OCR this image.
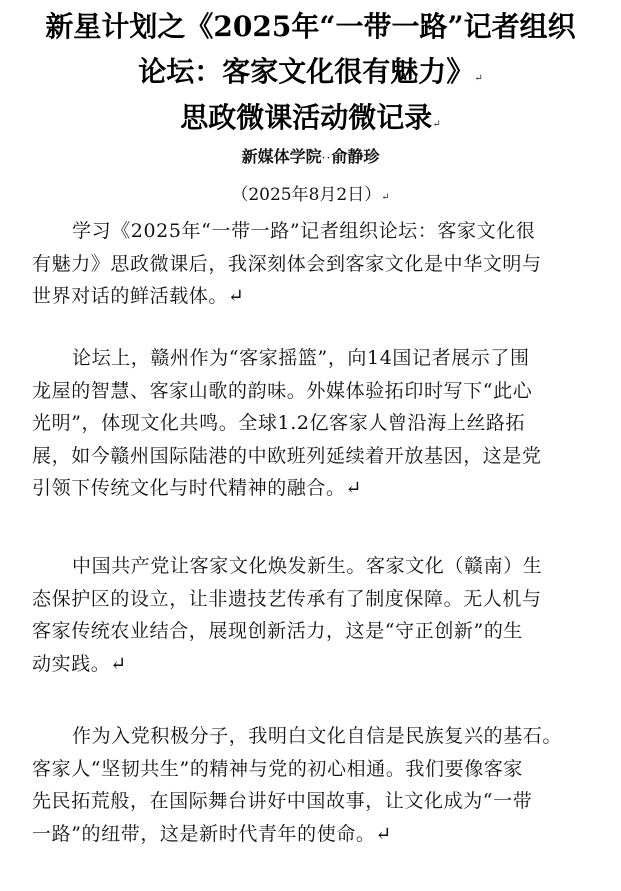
新星计划之《2025年“一带一路”记者组织
论坛：客家文化很有魅力》↵
思政微课活动微记录↵
新媒体学院··俞静珍
（2025年8月2日）↵

学习《2025年“一带一路”记者组织论坛：客家文化很
有魅力》思政微课后，我深刻体会到客家文化是中华文明与
世界对话的鲜活载体。↵

论坛上，赣州作为“客家摇篮”，向14国记者展示了围
龙屋的智慧、客家山歌的韵味。外媒体验拓印时写下“此心
光明”，体现文化共鸣。全球1.2亿客家人曾沿海上丝路拓
展，如今赣州国际陆港的中欧班列延续着开放基因，这是党
引领下传统文化与时代精神的融合。↵

中国共产党让客家文化焕发新生。客家文化（赣南）生
态保护区的设立，让非遗技艺传承有了制度保障。无人机与
客家传统农业结合，展现创新活力，这是“守正创新”的生
动实践。↵

作为入党积极分子，我明白文化自信是民族复兴的基石。
客家人“坚韧共生”的精神与党的初心相通。我们要像客家
先民拓荒般，在国际舞台讲好中国故事，让文化成为“一带
一路”的纽带，这是新时代青年的使命。↵
